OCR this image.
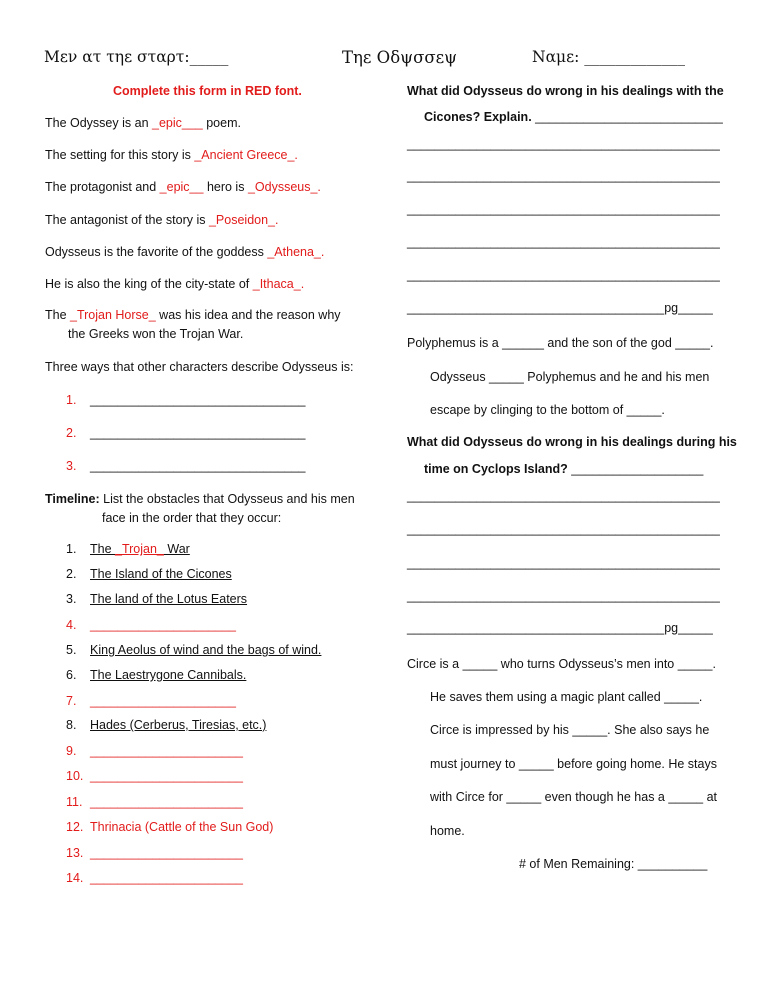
Μεν ατ τηε σταρτ:_____	Τηε Οδψσσεψ	Ναμε: _____________
Complete this form in RED font.
The Odyssey is an _epic___ poem.
The setting for this story is _Ancient Greece_.
The protagonist and _epic__ hero is _Odysseus_.
The antagonist of the story is _Poseidon_.
Odysseus is the favorite of the goddess _Athena_.
He is also the king of the city-state of _Ithaca_.
The _Trojan Horse_ was his idea and the reason why
the Greeks won the Trojan War.
Three ways that other characters describe Odysseus is:
1. _______________________________
2. _______________________________
3. _______________________________
Timeline: List the obstacles that Odysseus and his men
face in the order that they occur:
1. The _Trojan_ War
2. The Island of the Cicones
3. The land of the Lotus Eaters
4. _____________________
5. King Aeolus of wind and the bags of wind.
6. The Laestrygone Cannibals.
7. _____________________
8. Hades (Cerberus, Tiresias, etc.)
9. ______________________
10. ______________________
11. ______________________
12. Thrinacia (Cattle of the Sun God)
13. ______________________
14. ______________________
What did Odysseus do wrong in his dealings with the
Cicones? Explain. ___________________________
_____________________________________________
_____________________________________________
_____________________________________________
_____________________________________________
_____________________________________________
_____________________________________pg_____
Polyphemus is a ______ and the son of the god _____.
Odysseus _____ Polyphemus and he and his men
escape by clinging to the bottom of _____.
What did Odysseus do wrong in his dealings during his
time on Cyclops Island? ___________________
_____________________________________________
_____________________________________________
_____________________________________________
_____________________________________________
_____________________________________pg_____
Circe is a _____ who turns Odysseus’s men into _____.
He saves them using a magic plant called _____.
Circe is impressed by his _____. She also says he
must journey to _____ before going home. He stays
with Circe for _____ even though he has a _____ at
home.
# of Men Remaining: __________
